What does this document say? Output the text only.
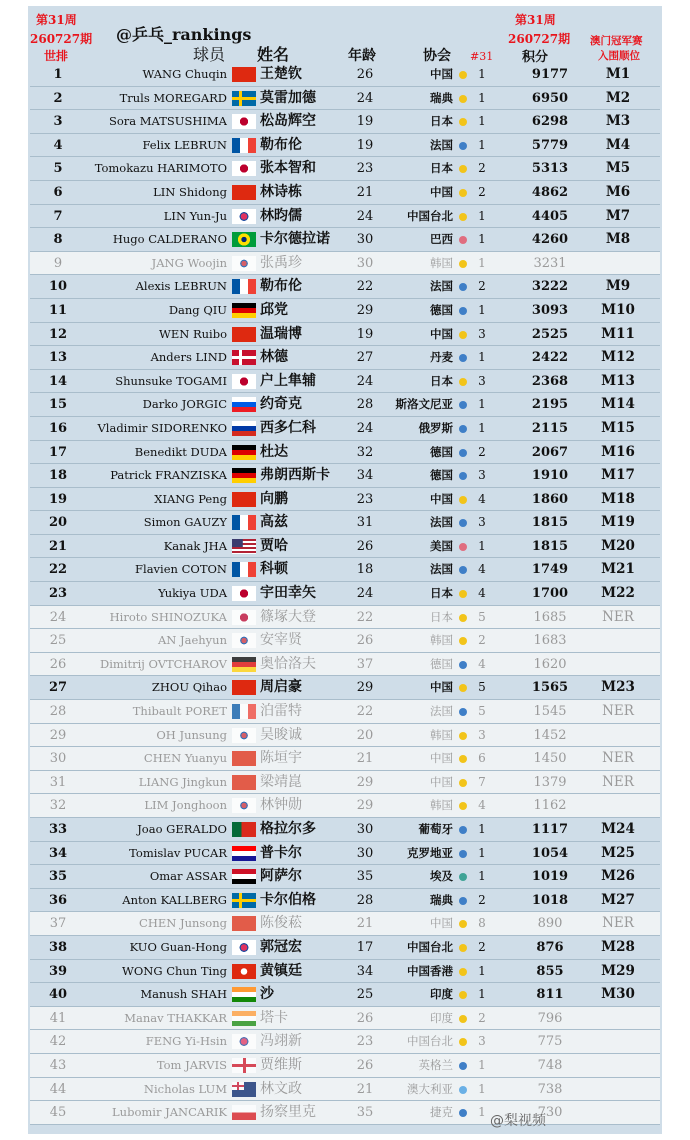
第31周
260727期
世排
@乒乓_rankings
球员 姓名	年龄	协会 #31
第31周
260727期
积分
澳门冠军赛
入围顺位
1	WANG Chuqin 王楚钦	26	中国 1	9177	M1
2	Truls MOREGARD 莫雷加德	24	瑞典 1	6950	M2
3	Sora MATSUSHIMA 松岛辉空	19	日本 1	6298	M3
4	Felix LEBRUN 勒布伦	19	法国 1	5779	M4
5	Tomokazu HARIMOTO 张本智和	23	日本 2	5313	M5
6	LIN Shidong 林诗栋	21	中国 2	4862	M6
7	LIN Yun-Ju 林昀儒	24	中国台北 1	4405	M7
8	Hugo CALDERANO 卡尔德拉诺	30	巴西 1	4260	M8
9	JANG Woojin 张禹珍	30	韩国 1	3231
10	Alexis LEBRUN 勒布伦	22	法国 2	3222	M9
11	Dang QIU 邱党	29	德国 1	3093	M10
12	WEN Ruibo 温瑞博	19	中国 3	2525	M11
13	Anders LIND 林德	27	丹麦 1	2422	M12
14	Shunsuke TOGAMI 户上隼辅	24	日本 3	2368	M13
15	Darko JORGIC 约奇克	28	斯洛文尼亚 1	2195	M14
16	Vladimir SIDORENKO 西多仁科	24	俄罗斯 1	2115	M15
17	Benedikt DUDA 杜达	32	德国 2	2067	M16
18	Patrick FRANZISKA 弗朗西斯卡	34	德国 3	1910	M17
19	XIANG Peng 向鹏	23	中国 4	1860	M18
20	Simon GAUZY 高兹	31	法国 3	1815	M19
21	Kanak JHA 贾哈	26	美国 1	1815	M20
22	Flavien COTON 科顿	18	法国 4	1749	M21
23	Yukiya UDA 宇田幸矢	24	日本 4	1700	M22
24	Hiroto SHINOZUKA 篠塚大登	22	日本 5	1685	NER
25	AN Jaehyun 安宰贤	26	韩国 2	1683
26	Dimitrij OVTCHAROV 奥恰洛夫	37	德国 4	1620
27	ZHOU Qihao 周启豪	29	中国 5	1565	M23
28	Thibault PORET 泊雷特	22	法国 5	1545	NER
29	OH Junsung 吴晙诚	20	韩国 3	1452
30	CHEN Yuanyu 陈垣宇	21	中国 6	1450	NER
31	LIANG Jingkun 梁靖崑	29	中国 7	1379	NER
32	LIM Jonghoon 林钟勋	29	韩国 4	1162
33	Joao GERALDO 格拉尔多	30	葡萄牙 1	1117	M24
34	Tomislav PUCAR 普卡尔	30	克罗地亚 1	1054	M25
35	Omar ASSAR 阿萨尔	35	埃及 1	1019	M26
36	Anton KALLBERG 卡尔伯格	28	瑞典 2	1018	M27
37	CHEN Junsong 陈俊菘	21	中国 8	890	NER
38	KUO Guan-Hong 郭冠宏	17	中国台北 2	876	M28
39	WONG Chun Ting 黄镇廷	34	中国香港 1	855	M29
40	Manush SHAH 沙	25	印度 1	811	M30
41	Manav THAKKAR 塔卡	26	印度 2	796
42	FENG Yi-Hsin 冯翊新	23	中国台北 3	775
43	Tom JARVIS 贾维斯	26	英格兰 1	748
44	Nicholas LUM 林文政	21	澳大利亚 1	738
45	Lubomir JANCARIK 扬察里克	35	捷克 1	730
@梨视频
